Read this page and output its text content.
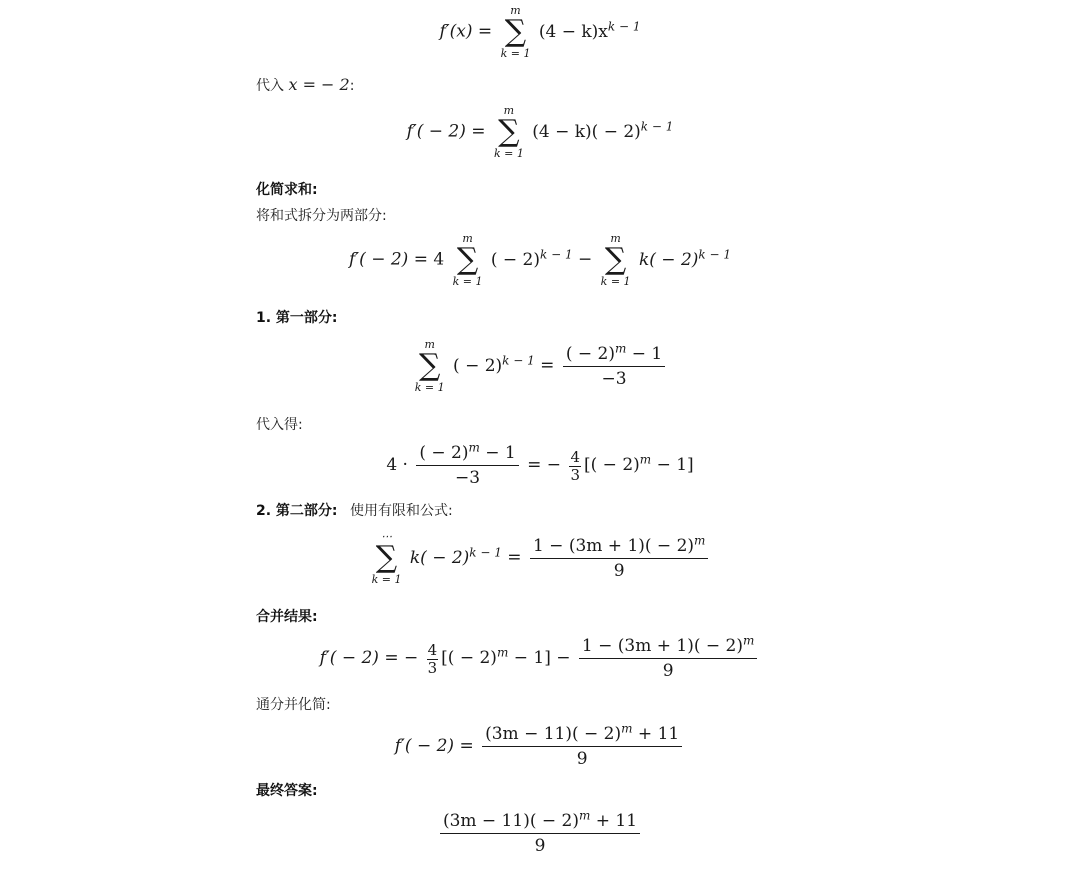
f′(x) =
m
∑
k = 1
$(4 - k)x^{k - 1}$
代入 x = − 2:
f′( − 2) =
m
∑
k = 1
$(4 - k)( - 2)^{k - 1}$
化简求和:
将和式拆分为两部分:
f′( − 2) = 4
m
∑
k = 1
( − 2)$^{k - 1}$ −
m
∑
k = 1
$k( - 2)^{k - 1}$
1. 第一部分:
m
∑
k = 1
( − $2)^{k - 1} = \frac{( - 2)^m - 1}{-3}$
代入得:
$4 \cdot \frac{( - 2)^m - 1}{-3}$ = − $\frac{4}{3}$ [( − 2)$^m$ − 1]
2. 第二部分: 使用有限和公式:
⋯
∑
k = 1
$k( - 2)^{k - 1} = \frac{1 - (3m + 1)( - 2)^m}{9}$
合并结果:
f′( − 2) = − $\frac{4}{3}$ [( − $2)^m - 1] - \frac{1 - (3m + 1)( - 2)^m}{9}$
通分并化简:
$f'( - 2) = \frac{(3m - 11)( - 2)^m + 11}{9}$
最终答案:
$\frac{(3m - 11)( - 2)^m + 11}{9}$
